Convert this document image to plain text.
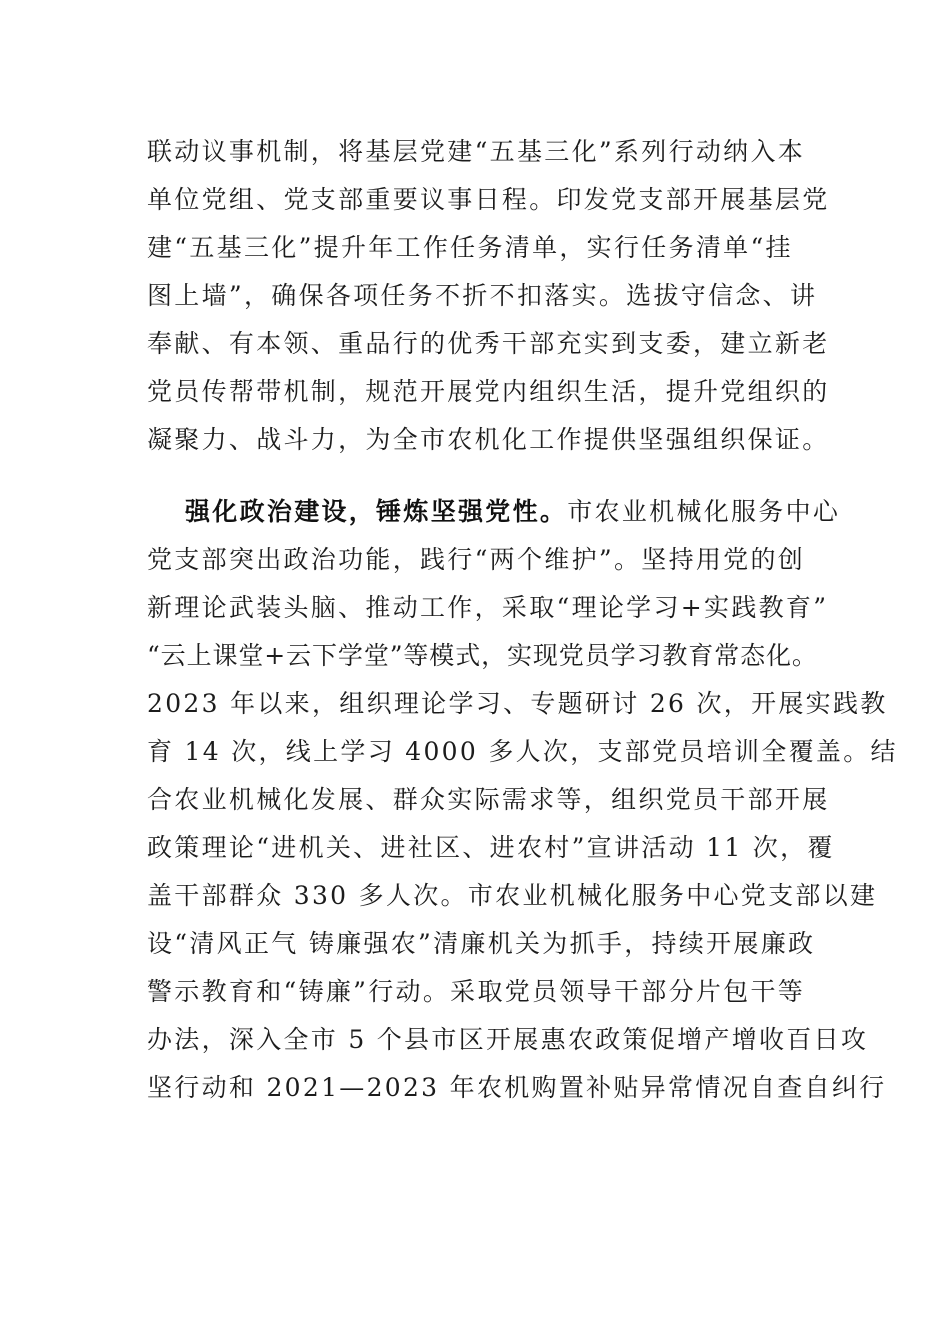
联动议事机制，将基层党建“五基三化”系列行动纳入本
单位党组、党支部重要议事日程。印发党支部开展基层党
建“五基三化”提升年工作任务清单，实行任务清单“挂
图上墙”，确保各项任务不折不扣落实。选拔守信念、讲
奉献、有本领、重品行的优秀干部充实到支委，建立新老
党员传帮带机制，规范开展党内组织生活，提升党组织的
凝聚力、战斗力，为全市农机化工作提供坚强组织保证。
强化政治建设，锤炼坚强党性。市农业机械化服务中心
党支部突出政治功能，践行“两个维护”。坚持用党的创
新理论武装头脑、推动工作，采取“理论学习+实践教育”
“云上课堂+云下学堂”等模式，实现党员学习教育常态化。
2023 年以来，组织理论学习、专题研讨 26 次，开展实践教
育 14 次，线上学习 4000 多人次，支部党员培训全覆盖。结
合农业机械化发展、群众实际需求等，组织党员干部开展
政策理论“进机关、进社区、进农村”宣讲活动 11 次，覆
盖干部群众 330 多人次。市农业机械化服务中心党支部以建
设“清风正气 铸廉强农”清廉机关为抓手，持续开展廉政
警示教育和“铸廉”行动。采取党员领导干部分片包干等
办法，深入全市 5 个县市区开展惠农政策促增产增收百日攻
坚行动和 2021—2023 年农机购置补贴异常情况自查自纠行
